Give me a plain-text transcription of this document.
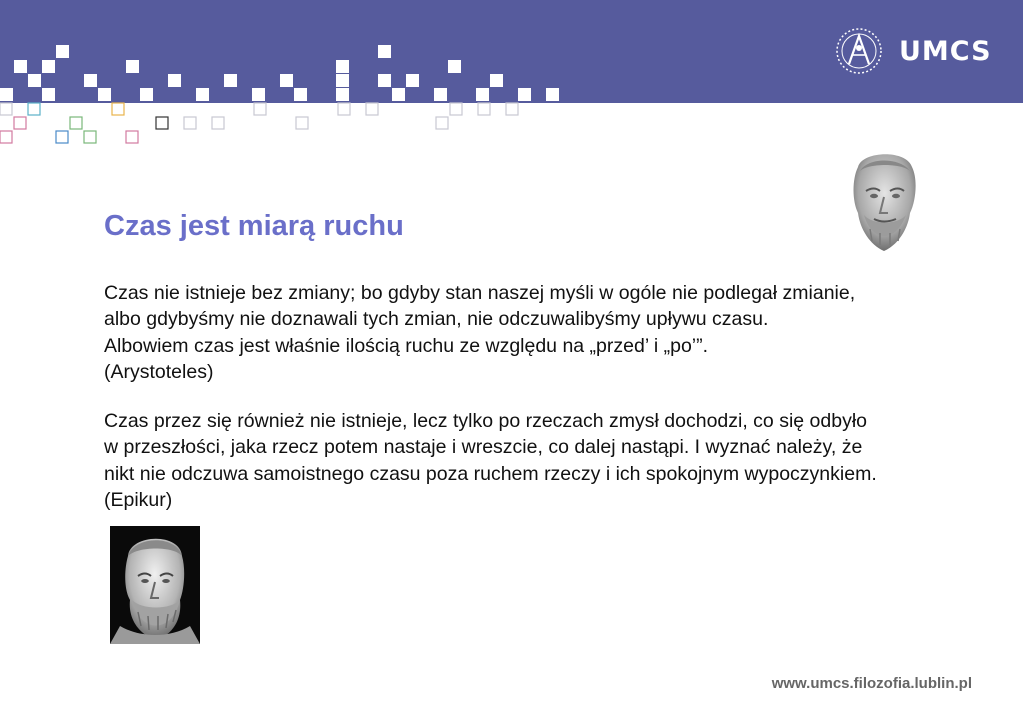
UMCS
Czas jest miarą ruchu
Czas nie istnieje bez zmiany; bo gdyby stan naszej myśli w ogóle nie podlegał zmianie,
albo gdybyśmy nie doznawali tych zmian, nie odczuwalibyśmy upływu czasu.
Albowiem czas jest właśnie ilością ruchu ze względu na „przed’ i „po’”.
(Arystoteles)
Czas przez się również nie istnieje, lecz tylko po rzeczach zmysł dochodzi, co się odbyło
w przeszłości, jaka rzecz potem nastaje i wreszcie, co dalej nastąpi. I wyznać należy, że
nikt nie odczuwa samoistnego czasu poza ruchem rzeczy i ich spokojnym wypoczynkiem.
(Epikur)
www.umcs.filozofia.lublin.pl
